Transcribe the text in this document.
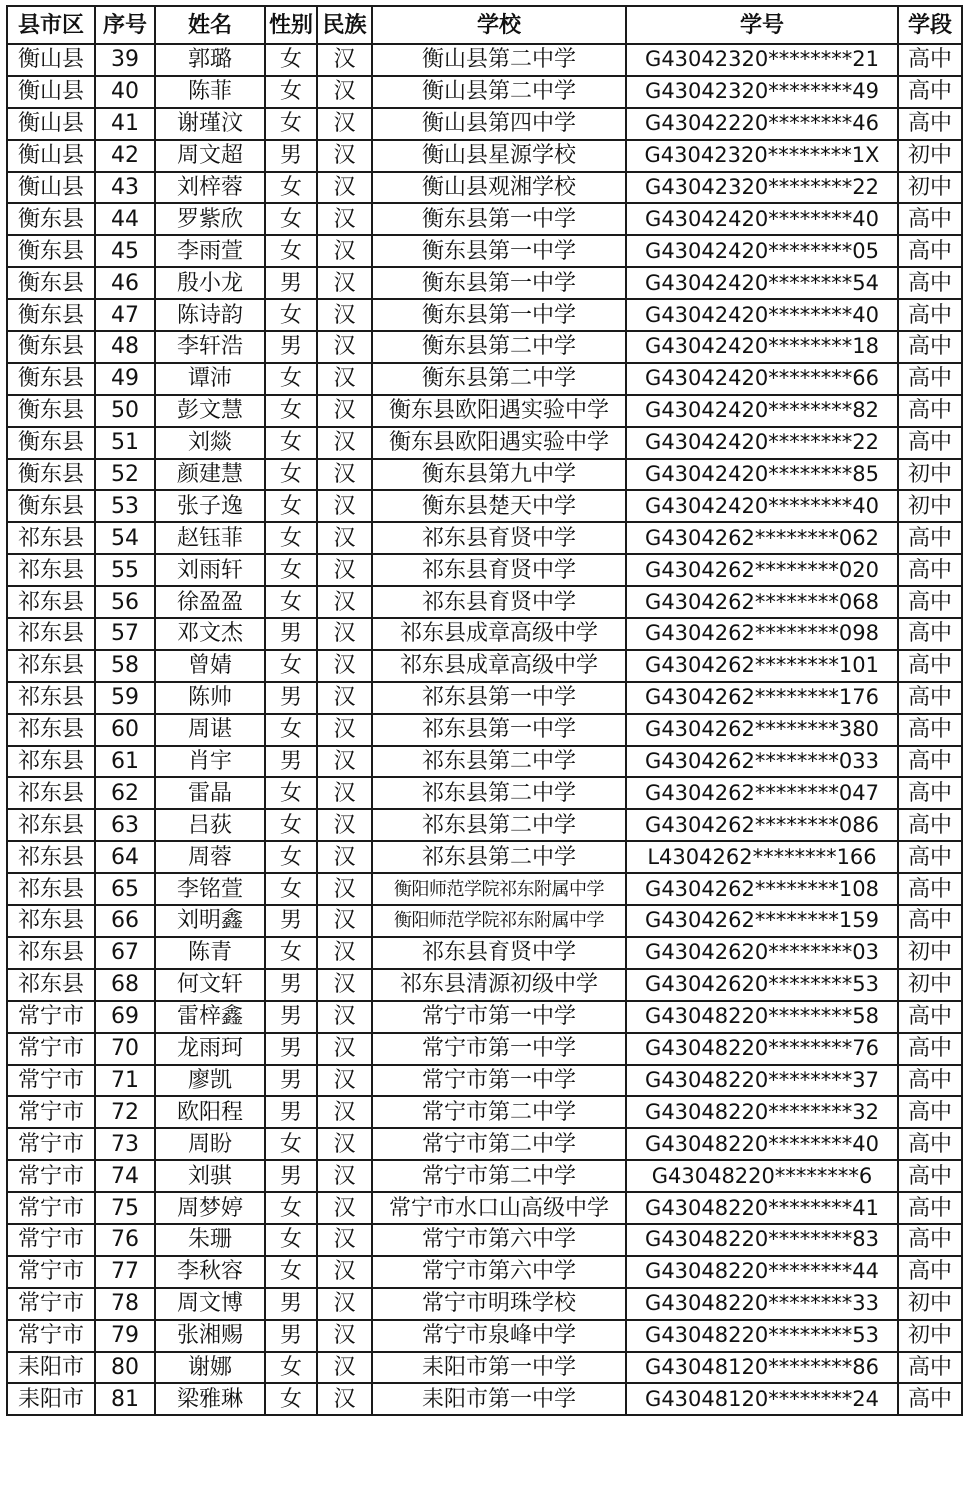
县市区	序号	姓名	性别	民族	学校	学号	学段
衡山县	39	郭璐	女	汉	衡山县第二中学	G43042320********21	高中
衡山县	40	陈菲	女	汉	衡山县第二中学	G43042320********49	高中
衡山县	41	谢瑾汶	女	汉	衡山县第四中学	G43042220********46	高中
衡山县	42	周文超	男	汉	衡山县星源学校	G43042320********1X	初中
衡山县	43	刘梓蓉	女	汉	衡山县观湘学校	G43042320********22	初中
衡东县	44	罗紫欣	女	汉	衡东县第一中学	G43042420********40	高中
衡东县	45	李雨萱	女	汉	衡东县第一中学	G43042420********05	高中
衡东县	46	殷小龙	男	汉	衡东县第一中学	G43042420********54	高中
衡东县	47	陈诗韵	女	汉	衡东县第一中学	G43042420********40	高中
衡东县	48	李轩浩	男	汉	衡东县第二中学	G43042420********18	高中
衡东县	49	谭沛	女	汉	衡东县第二中学	G43042420********66	高中
衡东县	50	彭文慧	女	汉	衡东县欧阳遇实验中学	G43042420********82	高中
衡东县	51	刘燚	女	汉	衡东县欧阳遇实验中学	G43042420********22	高中
衡东县	52	颜建慧	女	汉	衡东县第九中学	G43042420********85	初中
衡东县	53	张子逸	女	汉	衡东县楚天中学	G43042420********40	初中
祁东县	54	赵钰菲	女	汉	祁东县育贤中学	G4304262********062	高中
祁东县	55	刘雨轩	女	汉	祁东县育贤中学	G4304262********020	高中
祁东县	56	徐盈盈	女	汉	祁东县育贤中学	G4304262********068	高中
祁东县	57	邓文杰	男	汉	祁东县成章高级中学	G4304262********098	高中
祁东县	58	曾婧	女	汉	祁东县成章高级中学	G4304262********101	高中
祁东县	59	陈帅	男	汉	祁东县第一中学	G4304262********176	高中
祁东县	60	周谌	女	汉	祁东县第一中学	G4304262********380	高中
祁东县	61	肖宇	男	汉	祁东县第二中学	G4304262********033	高中
祁东县	62	雷晶	女	汉	祁东县第二中学	G4304262********047	高中
祁东县	63	吕荻	女	汉	祁东县第二中学	G4304262********086	高中
祁东县	64	周蓉	女	汉	祁东县第二中学	L4304262********166	高中
祁东县	65	李铭萱	女	汉	衡阳师范学院祁东附属中学	G4304262********108	高中
祁东县	66	刘明鑫	男	汉	衡阳师范学院祁东附属中学	G4304262********159	高中
祁东县	67	陈青	女	汉	祁东县育贤中学	G43042620********03	初中
祁东县	68	何文轩	男	汉	祁东县清源初级中学	G43042620********53	初中
常宁市	69	雷梓鑫	男	汉	常宁市第一中学	G43048220********58	高中
常宁市	70	龙雨珂	男	汉	常宁市第一中学	G43048220********76	高中
常宁市	71	廖凯	男	汉	常宁市第一中学	G43048220********37	高中
常宁市	72	欧阳程	男	汉	常宁市第二中学	G43048220********32	高中
常宁市	73	周盼	女	汉	常宁市第二中学	G43048220********40	高中
常宁市	74	刘骐	男	汉	常宁市第二中学	G43048220********6	高中
常宁市	75	周梦婷	女	汉	常宁市水口山高级中学	G43048220********41	高中
常宁市	76	朱珊	女	汉	常宁市第六中学	G43048220********83	高中
常宁市	77	李秋容	女	汉	常宁市第六中学	G43048220********44	高中
常宁市	78	周文博	男	汉	常宁市明珠学校	G43048220********33	初中
常宁市	79	张湘赐	男	汉	常宁市泉峰中学	G43048220********53	初中
耒阳市	80	谢娜	女	汉	耒阳市第一中学	G43048120********86	高中
耒阳市	81	梁雅琳	女	汉	耒阳市第一中学	G43048120********24	高中
